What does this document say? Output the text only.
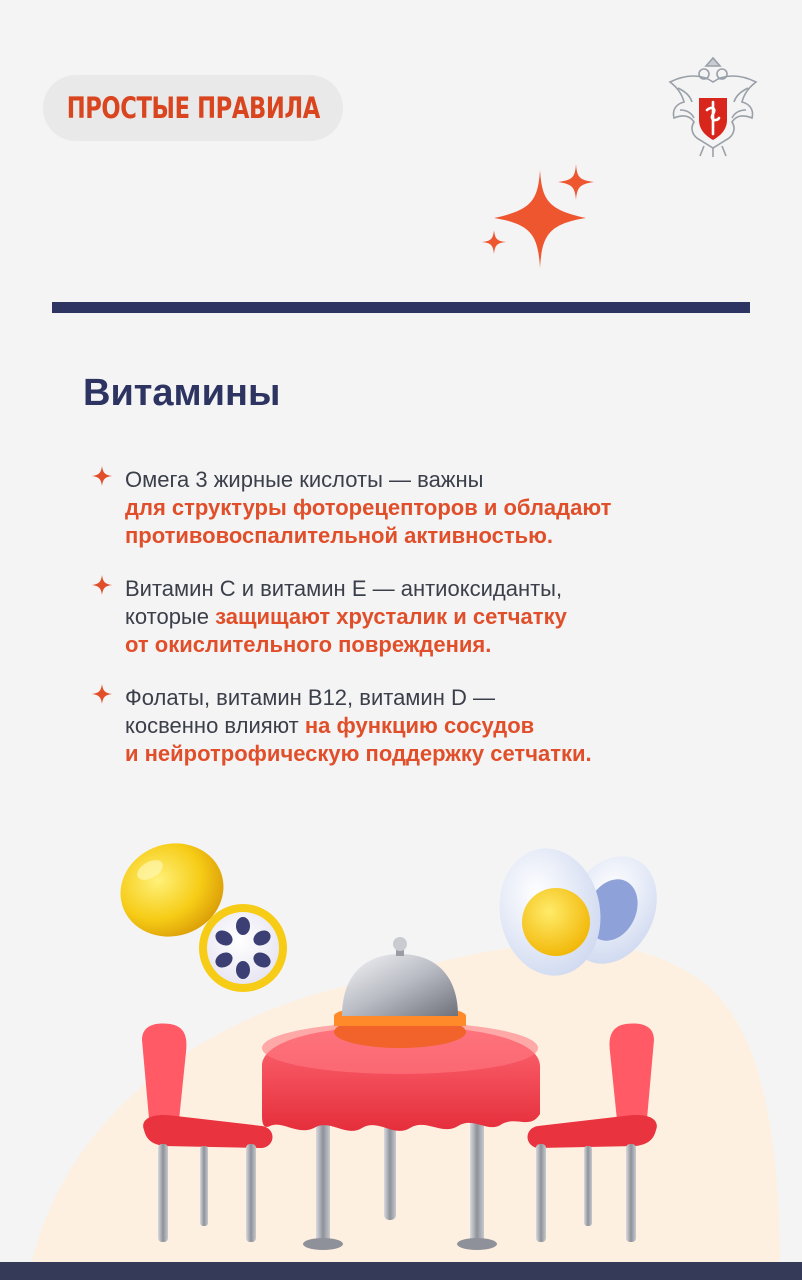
ПРОСТЫЕ ПРАВИЛА
Витамины

Омега 3 жирные кислоты — важны
для структуры фоторецепторов и обладают
противовоспалительной активностью.

Витамин С и витамин Е — антиоксиданты,
которые защищают хрусталик и сетчатку
от окислительного повреждения.

Фолаты, витамин В12, витамин D —
косвенно влияют на функцию сосудов
и нейротрофическую поддержку сетчатки.
